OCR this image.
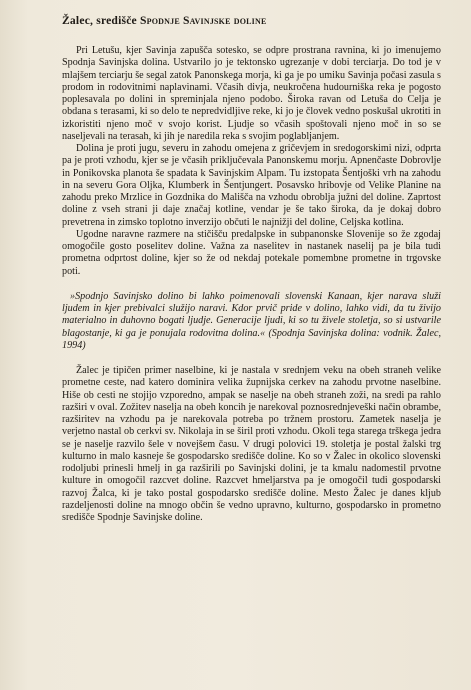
Žalec, središče Spodnje Savinjske doline

Pri Letušu, kjer Savinja zapušča sotesko, se odpre prostrana ravnina, ki jo imenujemo Spodnja Savinjska dolina. Ustvarilo jo je tektonsko ugrezanje v dobi terciarja. Do tod je v mlajšem terciarju še segal zatok Panonskega morja, ki ga je po umiku Savinja počasi zasula s prodom in rodovitnimi naplavinami. Včasih divja, neukročena hudourniška reka je pogosto poplesavala po dolini in spreminjala njeno podobo. Široka ravan od Letuša do Celja je obdana s terasami, ki so delo te nepredvidljive reke, ki jo je človek vedno poskušal ukrotiti in izkoristiti njeno moč v svojo korist. Ljudje so včasih spoštovali njeno moč in so se naseljevali na terasah, ki jih je naredila reka s svojim poglabljanjem.

Dolina je proti jugu, severu in zahodu omejena z gričevjem in sredogorskimi nizi, odprta pa je proti vzhodu, kjer se je včasih priključevala Panonskemu morju. Apnenčaste Dobrovlje in Ponikovska planota še spadata k Savinjskim Alpam. Tu izstopata Šentjoški vrh na zahodu in na severu Gora Oljka, Klumberk in Šentjungert. Posavsko hribovje od Velike Planine na zahodu preko Mrzlice in Gozdnika do Mališča na vzhodu obroblja južni del doline. Zaprtost doline z vseh strani ji daje značaj kotline, vendar je še tako široka, da je dokaj dobro prevetrena in zimsko toplotno inverzijo občuti le najnižji del doline, Celjska kotlina.

Ugodne naravne razmere na stičišču predalpske in subpanonske Slovenije so že zgodaj omogočile gosto poselitev doline. Važna za naselitev in nastanek naselij pa je bila tudi prometna odprtost doline, kjer so že od nekdaj potekale pomembne prometne in trgovske poti.

»Spodnjo Savinjsko dolino bi lahko poimenovali slovenski Kanaan, kjer narava služi ljudem in kjer prebivalci služijo naravi. Kdor prvič pride v dolino, lahko vidi, da tu živijo materialno in duhovno bogati ljudje. Generacije ljudi, ki so tu živele stoletja, so si ustvarile blagostanje, ki ga je ponujala rodovitna dolina.« (Spodnja Savinjska dolina: vodnik. Žalec, 1994)

Žalec je tipičen primer naselbine, ki je nastala v srednjem veku na obeh straneh velike prometne ceste, nad katero dominira velika župnijska cerkev na zahodu prvotne naselbine. Hiše ob cesti ne stojijo vzporedno, ampak se naselje na obeh straneh zoži, na sredi pa rahlo razširi v oval. Zožitev naselja na obeh koncih je narekoval poznosrednjeveški način obrambe, razširitev na vzhodu pa je narekovala potreba po tržnem prostoru. Zametek naselja je verjetno nastal ob cerkvi sv. Nikolaja in se širil proti vzhodu. Okoli tega starega trškega jedra se je naselje razvilo šele v novejšem času. V drugi polovici 19. stoletja je postal žalski trg kulturno in malo kasneje še gospodarsko središče doline. Ko so v Žalec in okolico slovenski rodoljubi prinesli hmelj in ga razširili po Savinjski dolini, je ta kmalu nadomestil prvotne kulture in omogočil razcvet doline. Razcvet hmeljarstva pa je omogočil tudi gospodarski razvoj Žalca, ki je tako postal gospodarsko središče doline. Mesto Žalec je danes kljub razdeljenosti doline na mnogo občin še vedno upravno, kulturno, gospodarsko in prometno središče Spodnje Savinjske doline.
